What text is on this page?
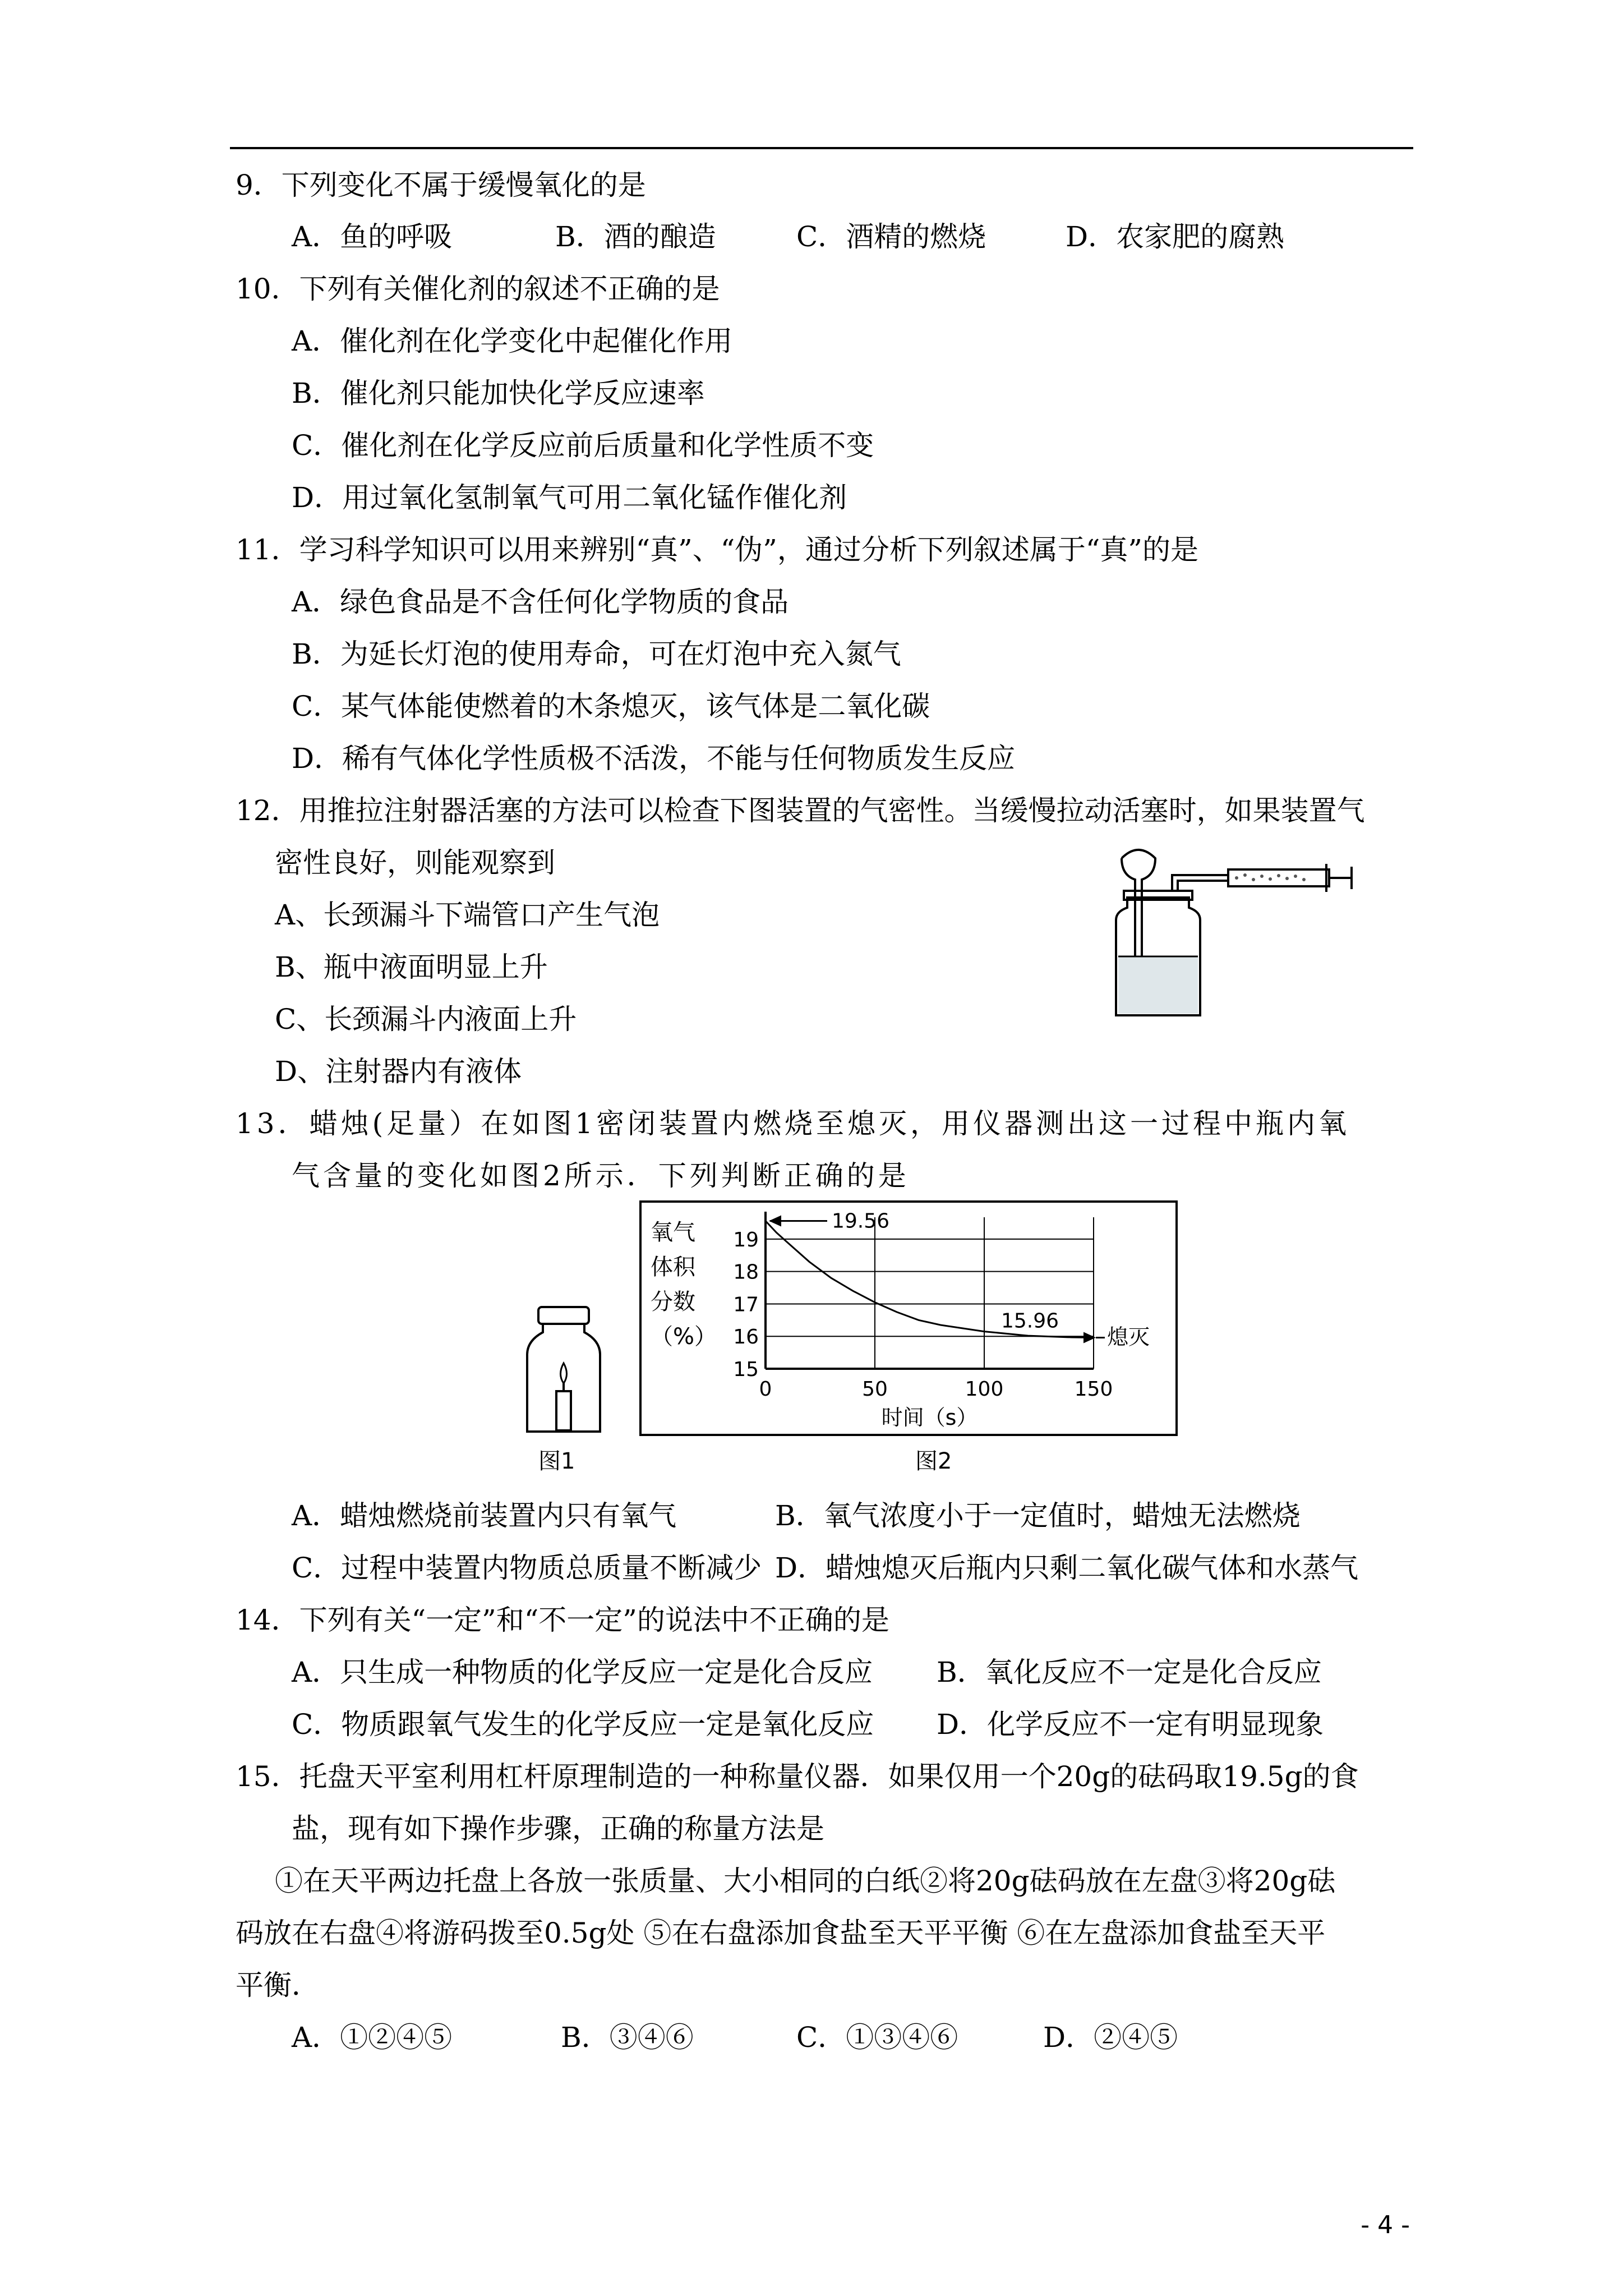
9．下列变化不属于缓慢氧化的是
A．鱼的呼吸	B．酒的酿造	C．酒精的燃烧	D．农家肥的腐熟
10．下列有关催化剂的叙述不正确的是
A．催化剂在化学变化中起催化作用
B．催化剂只能加快化学反应速率
C．催化剂在化学反应前后质量和化学性质不变
D．用过氧化氢制氧气可用二氧化锰作催化剂
11．学习科学知识可以用来辨别“真”、“伪”，通过分析下列叙述属于“真”的是
A．绿色食品是不含任何化学物质的食品
B．为延长灯泡的使用寿命，可在灯泡中充入氮气
C．某气体能使燃着的木条熄灭，该气体是二氧化碳
D．稀有气体化学性质极不活泼，不能与任何物质发生反应
12．用推拉注射器活塞的方法可以检查下图装置的气密性。当缓慢拉动活塞时，如果装置气
密性良好，则能观察到
A、长颈漏斗下端管口产生气泡
B、瓶中液面明显上升
C、长颈漏斗内液面上升
D、注射器内有液体
13．蜡烛(足量）在如图1密闭装置内燃烧至熄灭，用仪器测出这一过程中瓶内氧
气含量的变化如图2所示．下列判断正确的是
图1
氧气
体积
分数
（%）
15
16
17
18
19
0	50	100	150
时间（s）
19.56
15.96
熄灭
图2
A．蜡烛燃烧前装置内只有氧气	B．氧气浓度小于一定值时，蜡烛无法燃烧
C．过程中装置内物质总质量不断减少 D．蜡烛熄灭后瓶内只剩二氧化碳气体和水蒸气
14．下列有关“一定”和“不一定”的说法中不正确的是
A．只生成一种物质的化学反应一定是化合反应 B．氧化反应不一定是化合反应
C．物质跟氧气发生的化学反应一定是氧化反应 D．化学反应不一定有明显现象
15．托盘天平室利用杠杆原理制造的一种称量仪器．如果仅用一个20g的砝码取19.5g的食
盐，现有如下操作步骤，正确的称量方法是
①在天平两边托盘上各放一张质量、大小相同的白纸②将20g砝码放在左盘③将20g砝
码放在右盘④将游码拨至0.5g处 ⑤在右盘添加食盐至天平平衡 ⑥在左盘添加食盐至天平
平衡．
A．①②④⑤	B．③④⑥	C．①③④⑥	D．②④⑤
- 4 -
